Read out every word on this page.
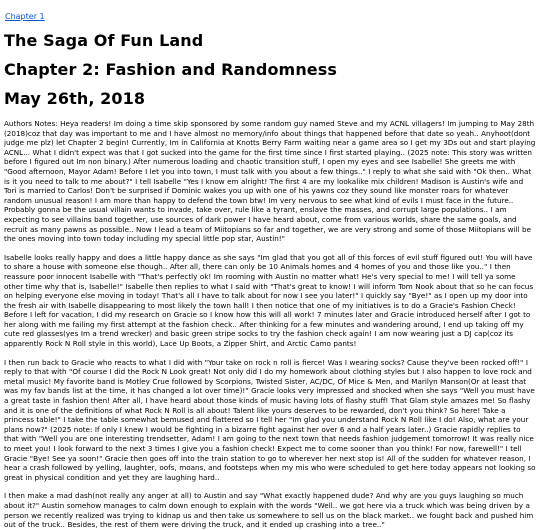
Chapter 1
The Saga Of Fun Land
Chapter 2: Fashion and Randomness
May 26th, 2018

Authors Notes: Heya readers! Im doing a time skip sponsored by some random guy named Steve and my ACNL villagers! Im jumping to May 28th (2018)coz that day was important to me and I have almost no memory/info about things that happened before that date so yeah.. Anyhoot(dont judge me plz) let Chapter 2 begin! Currently, Im in California at Knotts Berry Farm waiting near a game area so I get my 3Ds out and start playing ACNL... What I didn't expect was that I got sucked into the game for the first time since I first started playing.. (2025 note: This story was written before I figured out Im non binary.) After numerous loading and chaotic transition stuff, I open my eyes and see Isabelle! She greets me with "Good afternoon, Mayor Adam! Before I let you into town, I must talk with you about a few things.." I reply to what she said with "Ok then.. What is it you need to talk to me about?" I tell Isabelle "Yes I know em alright! The first 4 are my lookalike mix children! Madison is Austin's wife and Tori is married to Carlos! Don't be surprised if Dominic wakes you up with one of his yawns coz they sound like monster roars for whatever random unusual reason! I am more than happy to defend the town btw! Im very nervous to see what kind of evils I must face in the future.. Probably gonna be the usual villain wants to invade, take over, rule like a tyrant, enslave the masses, and corrupt large populations.. I am expecting to see villains band together, use sources of dark power I have heard about, come from various worlds, share the same goals, and recruit as many pawns as possible.. Now I lead a team of Miitopians so far and together, we are very strong and some of those Miitopians will be the ones moving into town today including my special little pop star, Austin!"

Isabelle looks really happy and does a little happy dance as she says "Im glad that you got all of this forces of evil stuff figured out! You will have to share a house with someone else though.. After all, there can only be 10 Animals homes and 4 homes of you and those like you.." I then reassure poor innocent Isabelle with "That's perfectly ok! Im rooming with Austin no matter what! He's very special to me! I will tell ya some other time why that is, Isabelle!" Isabelle then replies to what I said with "That's great to know! I will inform Tom Nook about that so he can focus on helping everyone else moving in today! That's all I have to talk about for now I see you later!" I quickly say "Bye!" as I open up my door into the fresh air with Isabelle disappearing to most likely the town hall! I then notice that one of my initiatives is to do a Gracie's Fashion Check! Before I left for vacation, I did my research on Gracie so I know how this will all work! 7 minutes later and Gracie introduced herself after I got to her along with me failing my first attempt at the fashion check.. After thinking for a few minutes and wandering around, I end up taking off my cute red glasses(yes Im a trend wrecker) and basic green stripe socks to try the fashion check again! I am now wearing just a DJ cap(coz its apparently Rock N Roll style in this world), Lace Up Boots, a Zipper Shirt, and Arctic Camo pants!

I then run back to Gracie who reacts to what I did with "Your take on rock n roll is fierce! Was I wearing socks? Cause they've been rocked off!" I reply to that with "Of course I did the Rock N Look great! Not only did I do my homework about clothing styles but I also happen to love rock and metal music! My favorite band is Motley Crue followed by Scorpions, Twisted Sister, AC/DC, Of Mice & Men, and Marilyn Manson(Or at least that was my fav bands list at the time, it has changed a lot over time)!" Gracie looks very impressed and shocked when she says "Well you must have a great taste in fashion then! After all, I have heard about those kinds of music having lots of flashy stuff! That Glam style amazes me! So flashy and it is one of the definitions of what Rock N Roll is all about! Talent like yours deserves to be rewarded, don't you think? So here! Take a princess table!" I take the table somewhat bemused and flattered so I tell her "Im glad you understand Rock N Roll like I do! Also, what are your plans now?" (2025 note: If only I knew I would be fighting in a bizarre fight against her over 6 and a half years later..) Gracie rapidly replies to that with "Well you are one interesting trendsetter, Adam! I am going to the next town that needs fashion judgement tomorrow! It was really nice to meet you! I look forward to the next 3 times I give you a fashion check! Expect me to come sooner than you think! For now, farewell!" I tell Gracie "Bye! See ya soon!" Gracie then goes off into the train station to go to wherever her next stop is! All of the sudden for whatever reason, I hear a crash followed by yelling, laughter, oofs, moans, and footsteps when my mis who were scheduled to get here today appears not looking so great in physical condition and yet they are laughing hard..

I then make a mad dash(not really any anger at all) to Austin and say "What exactly happened dude? And why are you guys laughing so much about it?" Austin somehow manages to calm down enough to explain with the words "Well.. we got here via a truck which was being driven by a person we recently realized was trying to kidnap us and then take us somewhere to sell us on the black market.. we fought back and pushed him out of the truck.. Besides, the rest of them were driving the truck, and it ended up crashing into a tree.."
